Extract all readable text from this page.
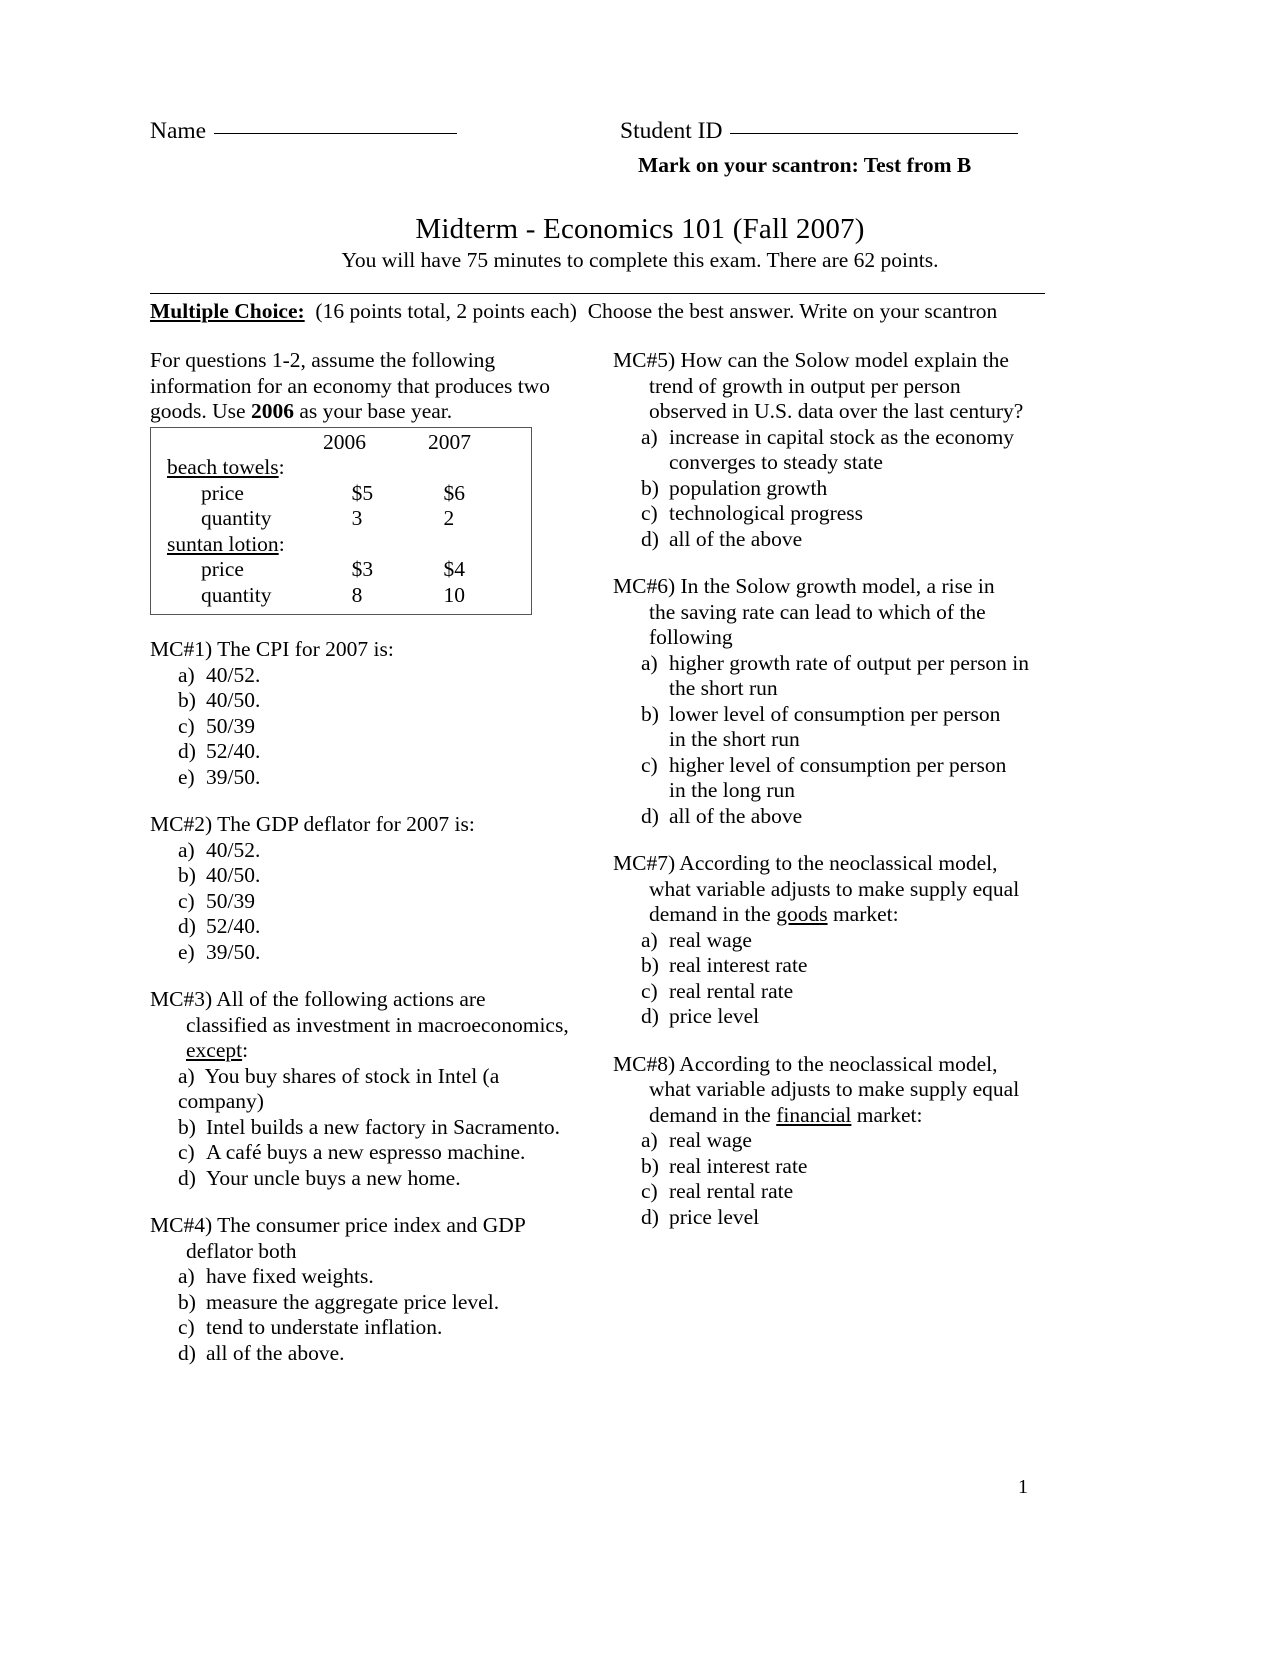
Name	Student ID
Mark on your scantron: Test from B
Midterm - Economics 101 (Fall 2007)
You will have 75 minutes to complete this exam. There are 62 points.
Multiple Choice: (16 points total, 2 points each) Choose the best answer. Write on your scantron
For questions 1-2, assume the following
information for an economy that produces two
goods. Use 2006 as your base year.
2006	2007
beach towels:
price	$5	$6
quantity	3	2
suntan lotion:
price	$3	$4
quantity	8	10
MC#1) The CPI for 2007 is:
a) 40/52.
b) 40/50.
c) 50/39
d) 52/40.
e) 39/50.
MC#2) The GDP deflator for 2007 is:
a) 40/52.
b) 40/50.
c) 50/39
d) 52/40.
e) 39/50.
MC#3) All of the following actions are
classified as investment in macroeconomics,
except:
a) You buy shares of stock in Intel (a
company)
b) Intel builds a new factory in Sacramento.
c) A café buys a new espresso machine.
d) Your uncle buys a new home.
MC#4) The consumer price index and GDP
deflator both
a) have fixed weights.
b) measure the aggregate price level.
c) tend to understate inflation.
d) all of the above.
MC#5) How can the Solow model explain the
trend of growth in output per person
observed in U.S. data over the last century?
a) increase in capital stock as the economy
converges to steady state
b) population growth
c) technological progress
d) all of the above
MC#6) In the Solow growth model, a rise in
the saving rate can lead to which of the
following
a) higher growth rate of output per person in
the short run
b) lower level of consumption per person
in the short run
c) higher level of consumption per person
in the long run
d) all of the above
MC#7) According to the neoclassical model,
what variable adjusts to make supply equal
demand in the goods market:
a) real wage
b) real interest rate
c) real rental rate
d) price level
MC#8) According to the neoclassical model,
what variable adjusts to make supply equal
demand in the financial market:
a) real wage
b) real interest rate
c) real rental rate
d) price level
1
